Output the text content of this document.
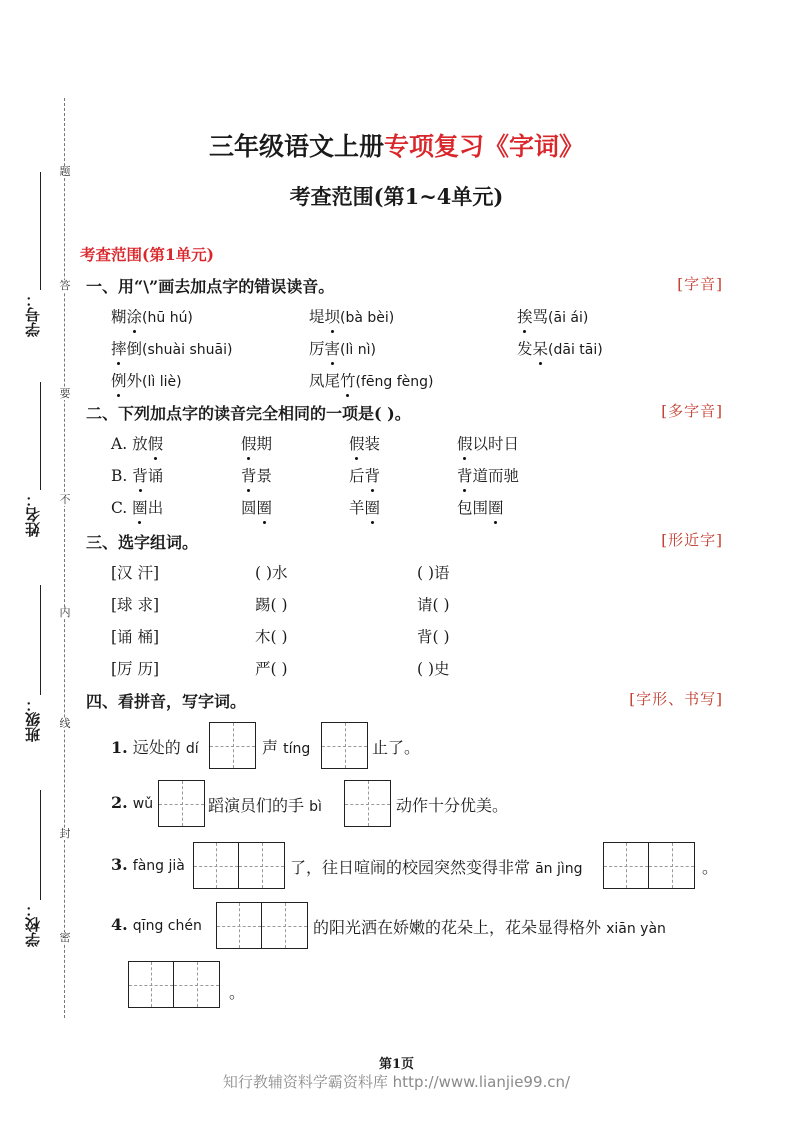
题
答
要
不
内
线
封
密
学号：
姓名：
班级：
学校：
三年级语文上册专项复习《字词》
考查范围(第1~4单元)
考查范围(第1单元)
一、用“\”画去加点字的错误读音。	[字音]
糊涂(hū hú)	堤坝(bà bèi)	挨骂(āi ái)
摔倒(shuài shuāi)	厉害(lì nì)	发呆(dāi tāi)
例外(lì liè)	凤尾竹(fēng fèng)
二、下列加点字的读音完全相同的一项是( )。	[多字音]
A. 放假	假期	假装	假以时日
B. 背诵	背景	后背	背道而驰
C. 圈出	圆圈	羊圈	包围圈
三、选字组词。	[形近字]
[汉 汗]	( )水	( )语
[球 求]	踢( )	请( )
[诵 桶]	木( )	背( )
[厉 历]	严( )	( )史
四、看拼音，写字词。	[字形、书写]
1. 远处的 dí	声 tíng	止了。
2. wǔ	蹈演员们的手 bì	动作十分优美。
3. fàng jià	了，往日喧闹的校园突然变得非常 ān jìng	。
4. qīng chén	的阳光洒在娇嫩的花朵上，花朵显得格外 xiān yàn
。
第1页
知行教辅资料学霸资料库 http://www.lianjie99.cn/
